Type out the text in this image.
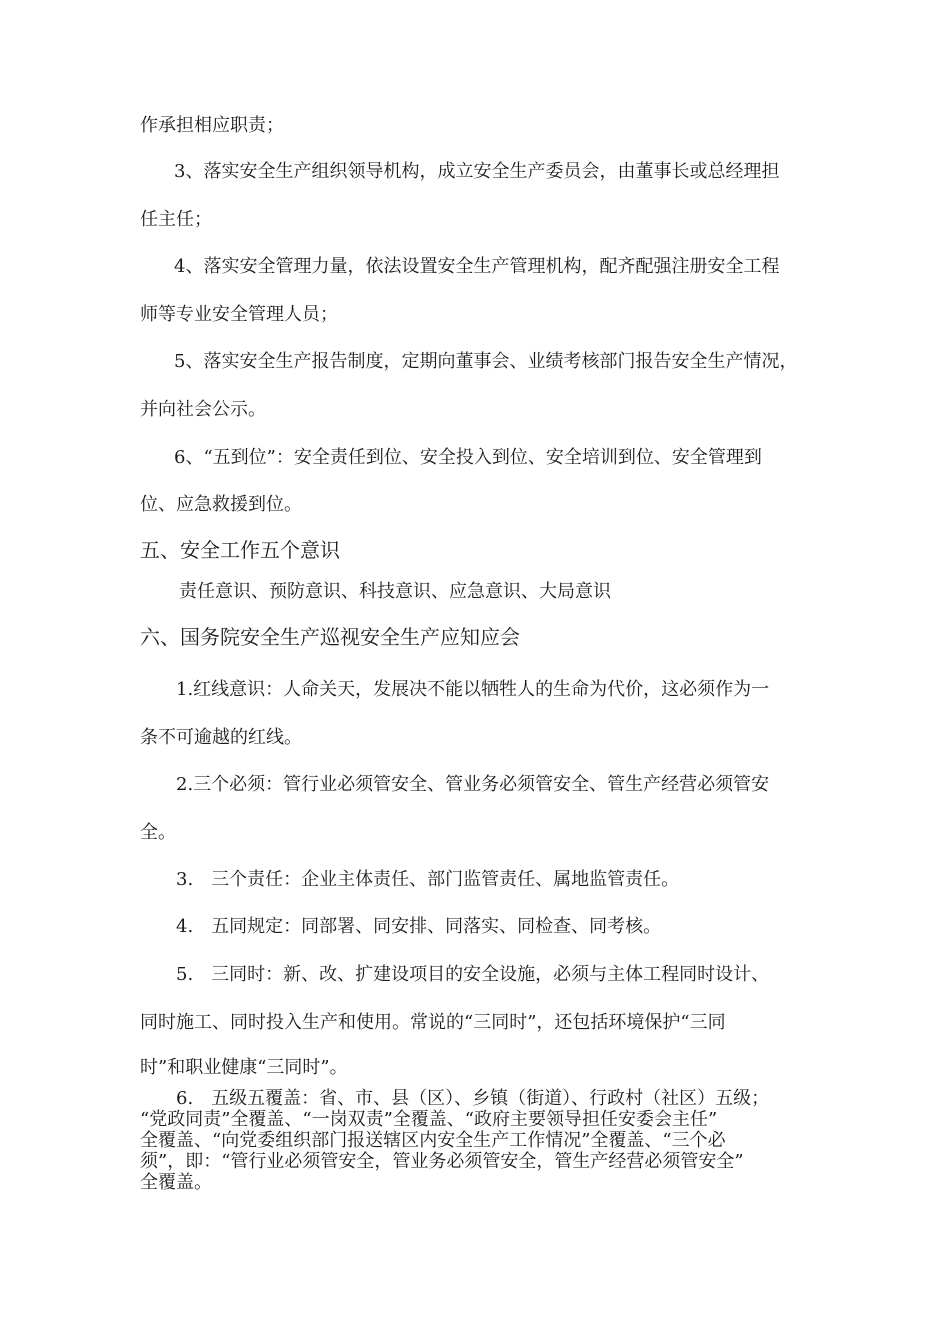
作承担相应职责；
3、落实安全生产组织领导机构，成立安全生产委员会，由董事长或总经理担
任主任；
4、落实安全管理力量，依法设置安全生产管理机构，配齐配强注册安全工程
师等专业安全管理人员；
5、落实安全生产报告制度，定期向董事会、业绩考核部门报告安全生产情况，
并向社会公示。
6、“五到位”：安全责任到位、安全投入到位、安全培训到位、安全管理到
位、应急救援到位。
五、安全工作五个意识
责任意识、预防意识、科技意识、应急意识、大局意识
六、国务院安全生产巡视安全生产应知应会
1.红线意识：人命关天，发展决不能以牺牲人的生命为代价，这必须作为一
条不可逾越的红线。
2.三个必须：管行业必须管安全、管业务必须管安全、管生产经营必须管安
全。
3.　三个责任：企业主体责任、部门监管责任、属地监管责任。
4.　五同规定：同部署、同安排、同落实、同检查、同考核。
5.　三同时：新、改、扩建设项目的安全设施，必须与主体工程同时设计、
同时施工、同时投入生产和使用。常说的“三同时”，还包括环境保护“三同
时”和职业健康“三同时”。

6.　五级五覆盖：省、市、县（区）、乡镇（街道）、行政村（社区）五级；

“党政同责”全覆盖、“一岗双责”全覆盖、“政府主要领导担任安委会主任”

全覆盖、“向党委组织部门报送辖区内安全生产工作情况”全覆盖、“三个必

须”，即：“管行业必须管安全，管业务必须管安全，管生产经营必须管安全”

全覆盖。
